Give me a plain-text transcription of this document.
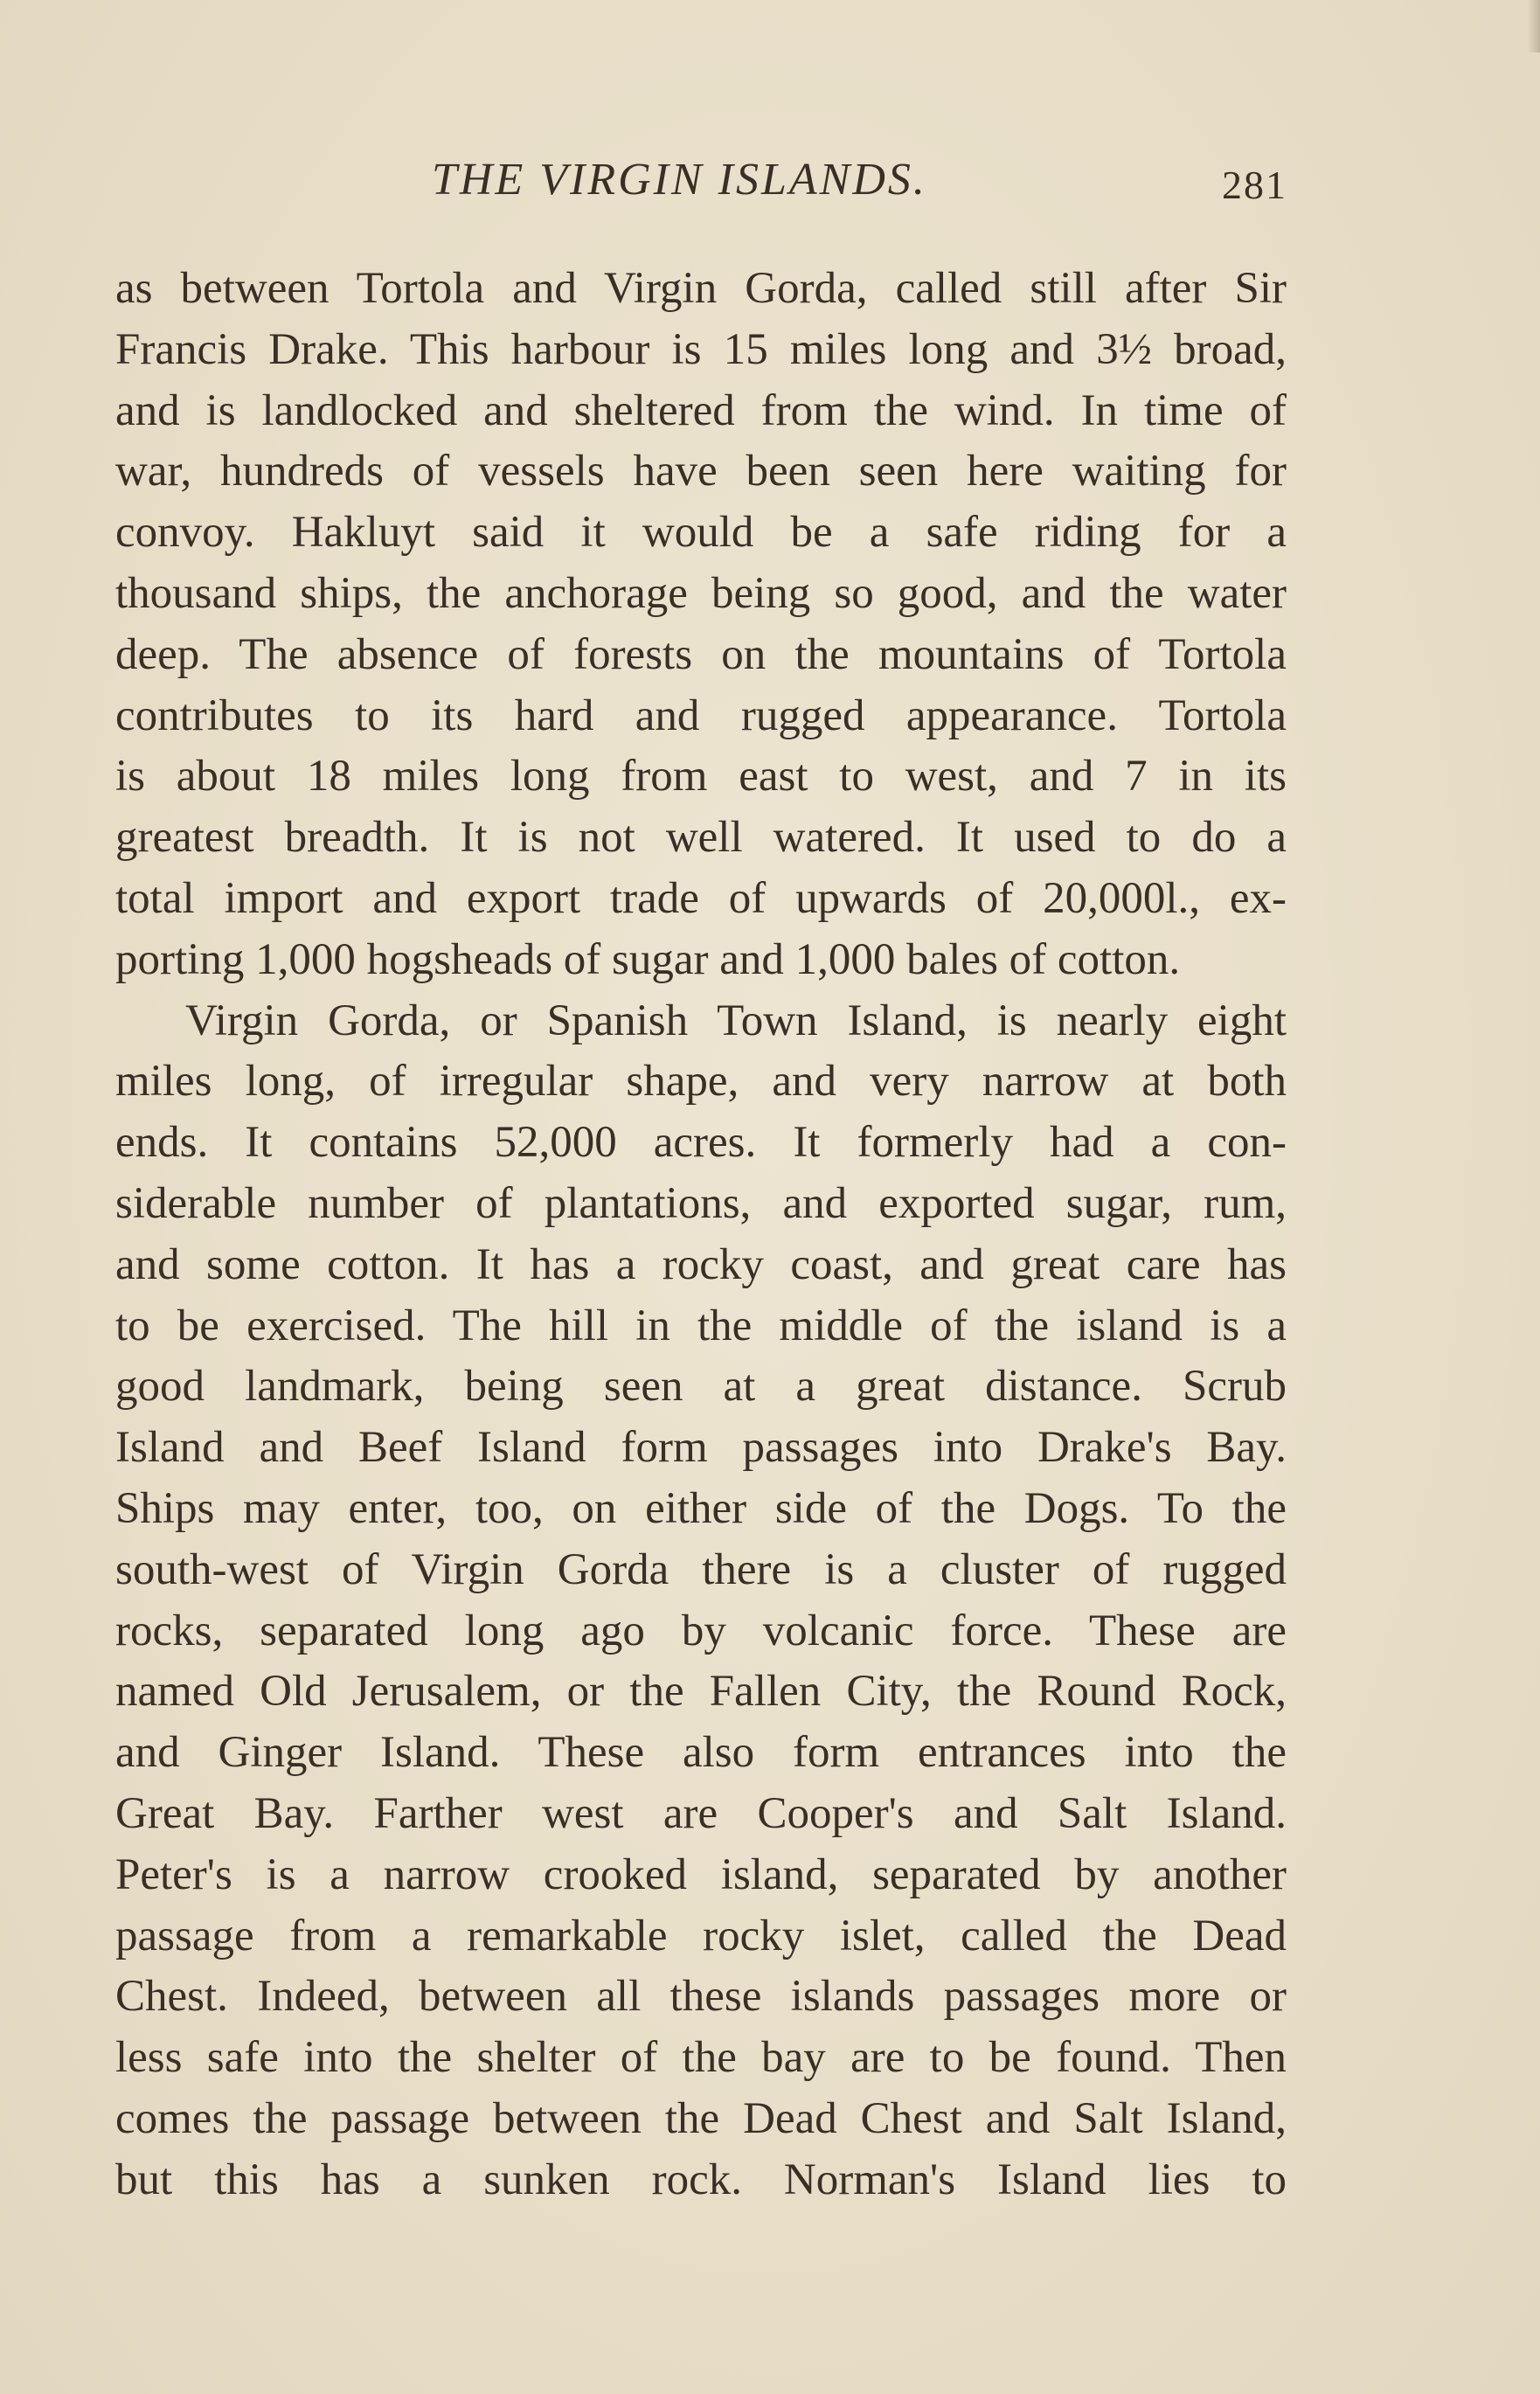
THE VIRGIN ISLANDS.	281
as between Tortola and Virgin Gorda, called still after Sir
Francis Drake. This harbour is 15 miles long and 3½ broad,
and is landlocked and sheltered from the wind. In time of
war, hundreds of vessels have been seen here waiting for
convoy. Hakluyt said it would be a safe riding for a
thousand ships, the anchorage being so good, and the water
deep. The absence of forests on the mountains of Tortola
contributes to its hard and rugged appearance. Tortola
is about 18 miles long from east to west, and 7 in its
greatest breadth. It is not well watered. It used to do a
total import and export trade of upwards of 20,000l., ex-
porting 1,000 hogsheads of sugar and 1,000 bales of cotton.
Virgin Gorda, or Spanish Town Island, is nearly eight
miles long, of irregular shape, and very narrow at both
ends. It contains 52,000 acres. It formerly had a con-
siderable number of plantations, and exported sugar, rum,
and some cotton. It has a rocky coast, and great care has
to be exercised. The hill in the middle of the island is a
good landmark, being seen at a great distance. Scrub
Island and Beef Island form passages into Drake's Bay.
Ships may enter, too, on either side of the Dogs. To the
south-west of Virgin Gorda there is a cluster of rugged
rocks, separated long ago by volcanic force. These are
named Old Jerusalem, or the Fallen City, the Round Rock,
and Ginger Island. These also form entrances into the
Great Bay. Farther west are Cooper's and Salt Island.
Peter's is a narrow crooked island, separated by another
passage from a remarkable rocky islet, called the Dead
Chest. Indeed, between all these islands passages more or
less safe into the shelter of the bay are to be found. Then
comes the passage between the Dead Chest and Salt Island,
but this has a sunken rock. Norman's Island lies to
